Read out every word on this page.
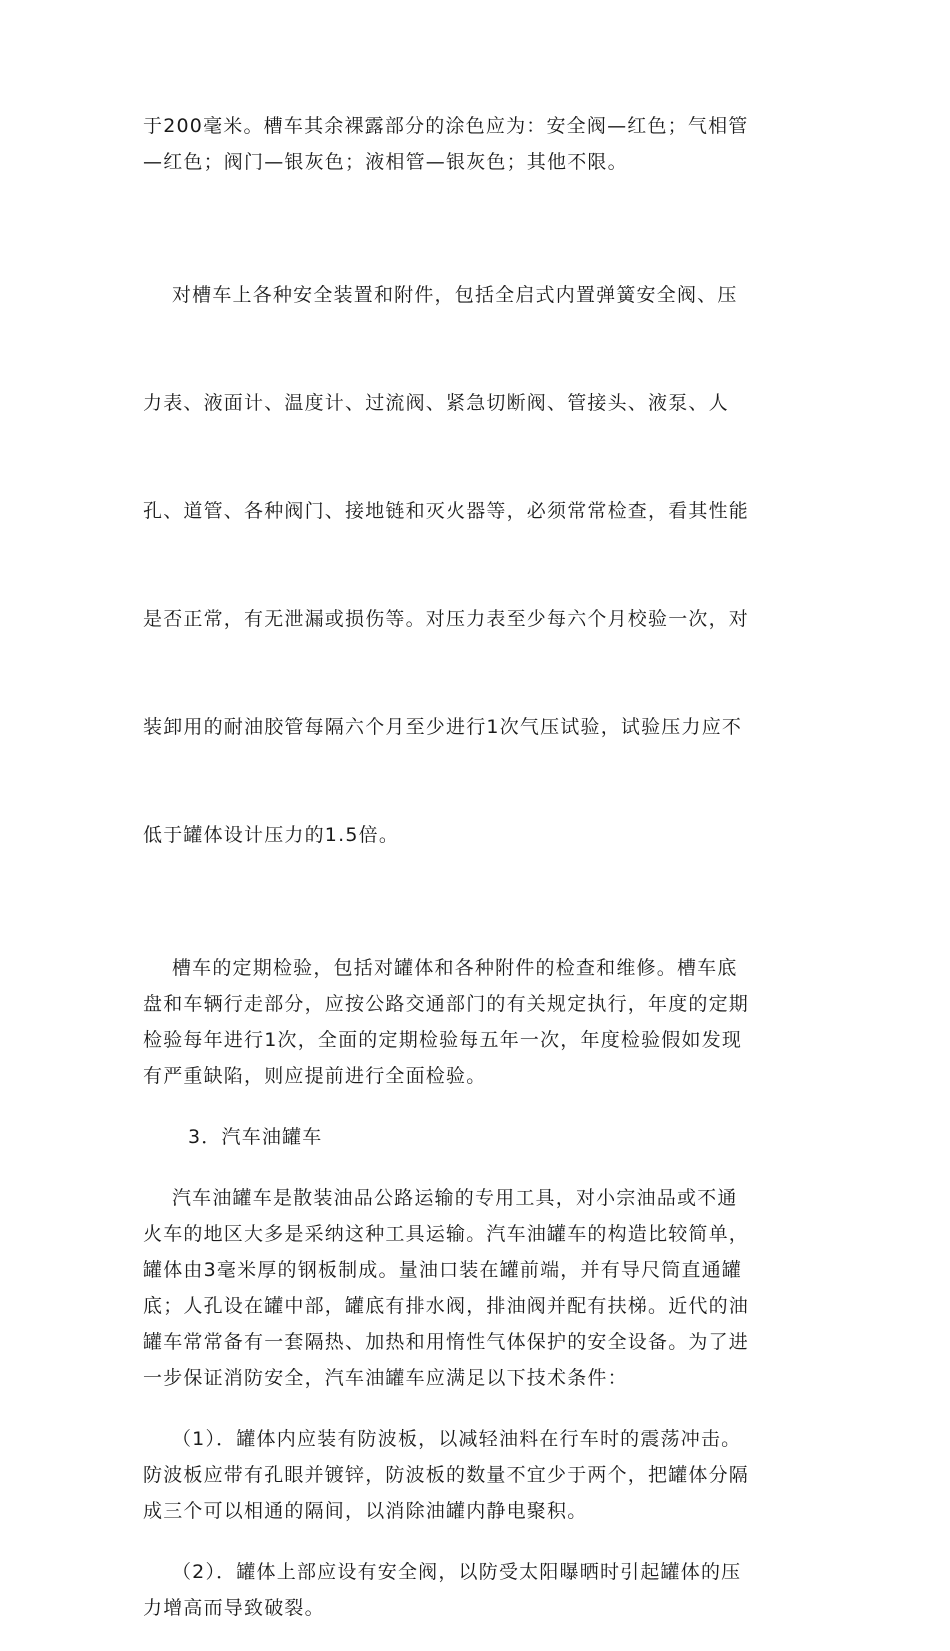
于200毫米。槽车其余裸露部分的涂色应为：安全阀—红色；气相管
—红色；阀门—银灰色；液相管—银灰色；其他不限。

对槽车上各种安全装置和附件，包括全启式内置弹簧安全阀、压

力表、液面计、温度计、过流阀、紧急切断阀、管接头、液泵、人

孔、道管、各种阀门、接地链和灭火器等，必须常常检查，看其性能

是否正常，有无泄漏或损伤等。对压力表至少每六个月校验一次，对

装卸用的耐油胶管每隔六个月至少进行1次气压试验，试验压力应不

低于罐体设计压力的1.5倍。

槽车的定期检验，包括对罐体和各种附件的检查和维修。槽车底
盘和车辆行走部分，应按公路交通部门的有关规定执行，年度的定期
检验每年进行1次，全面的定期检验每五年一次，年度检验假如发现
有严重缺陷，则应提前进行全面检验。

3．汽车油罐车

汽车油罐车是散装油品公路运输的专用工具，对小宗油品或不通
火车的地区大多是采纳这种工具运输。汽车油罐车的构造比较简单，
罐体由3毫米厚的钢板制成。量油口装在罐前端，并有导尺筒直通罐
底；人孔设在罐中部，罐底有排水阀，排油阀并配有扶梯。近代的油
罐车常常备有一套隔热、加热和用惰性气体保护的安全设备。为了进
一步保证消防安全，汽车油罐车应满足以下技术条件：

（1）．罐体内应装有防波板，以减轻油料在行车时的震荡冲击。
防波板应带有孔眼并镀锌，防波板的数量不宜少于两个，把罐体分隔
成三个可以相通的隔间，以消除油罐内静电聚积。

（2）．罐体上部应设有安全阀，以防受太阳曝晒时引起罐体的压
力增高而导致破裂。
